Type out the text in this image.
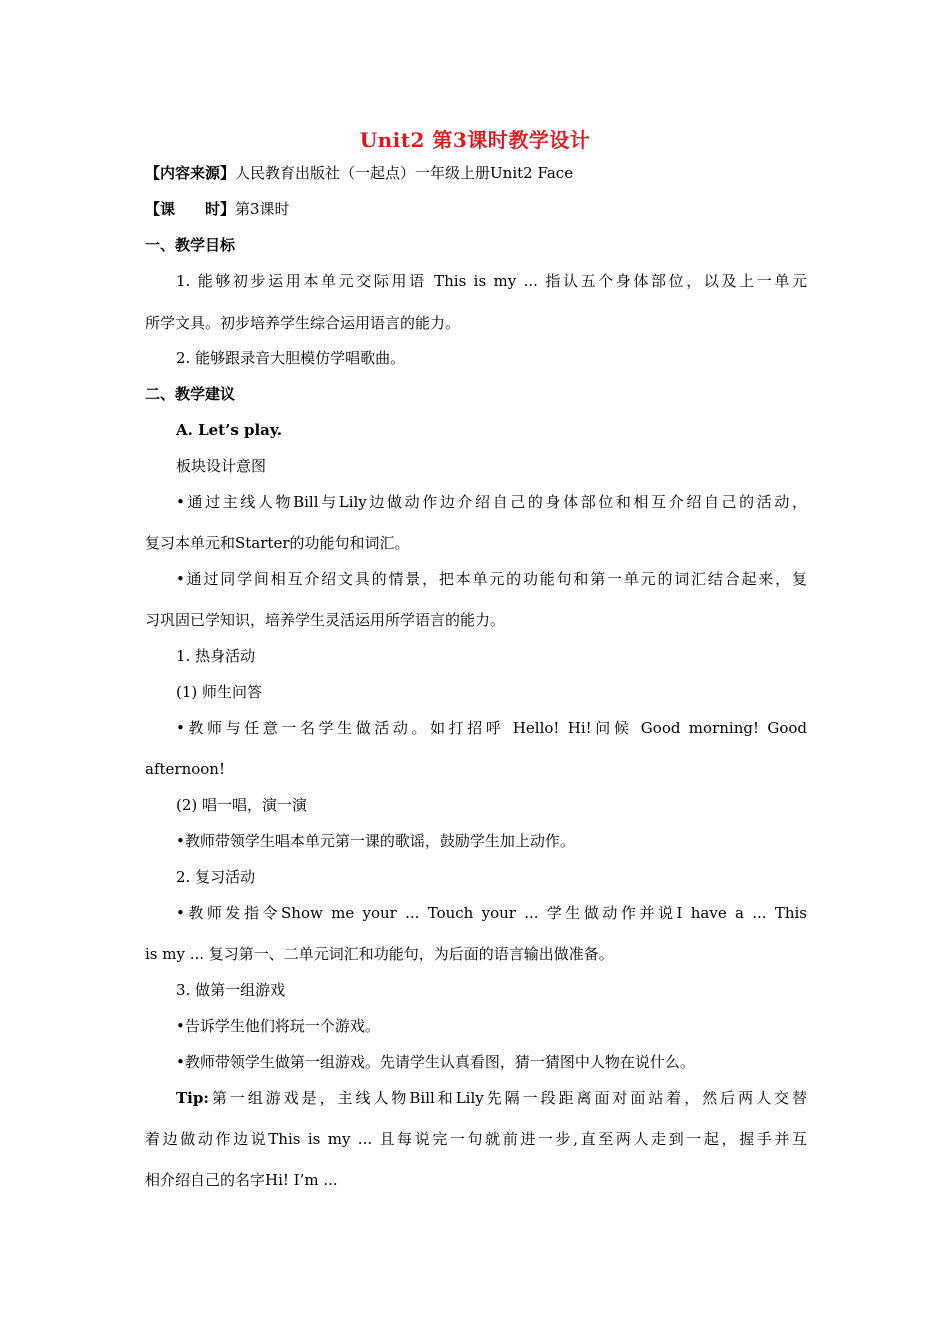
Unit2 第3课时教学设计
【内容来源】人民教育出版社（一起点）一年级上册Unit2 Face
【课　　时】第3课时
一、教学目标
1. 能够初步运用本单元交际用语 This is my ... 指认五个身体部位，以及上一单元
所学文具。初步培养学生综合运用语言的能力。
2. 能够跟录音大胆模仿学唱歌曲。
二、教学建议
A. Let’s play.
板块设计意图
•通过主线人物Bill与Lily边做动作边介绍自己的身体部位和相互介绍自己的活动，
复习本单元和Starter的功能句和词汇。
•通过同学间相互介绍文具的情景，把本单元的功能句和第一单元的词汇结合起来，复
习巩固已学知识，培养学生灵活运用所学语言的能力。
1. 热身活动
(1) 师生问答
•教师与任意一名学生做活动。如打招呼 Hello! Hi!问候 Good morning! Good
afternoon!
(2) 唱一唱，演一演
•教师带领学生唱本单元第一课的歌谣，鼓励学生加上动作。
2. 复习活动
•教师发指令Show me your ... Touch your ... 学生做动作并说I have a ... This
is my ... 复习第一、二单元词汇和功能句，为后面的语言输出做准备。
3. 做第一组游戏
•告诉学生他们将玩一个游戏。
•教师带领学生做第一组游戏。先请学生认真看图，猜一猜图中人物在说什么。
Tip:第一组游戏是，主线人物Bill和Lily先隔一段距离面对面站着，然后两人交替
着边做动作边说This is my ... 且每说完一句就前进一步,直至两人走到一起，握手并互
相介绍自己的名字Hi! I’m ...
